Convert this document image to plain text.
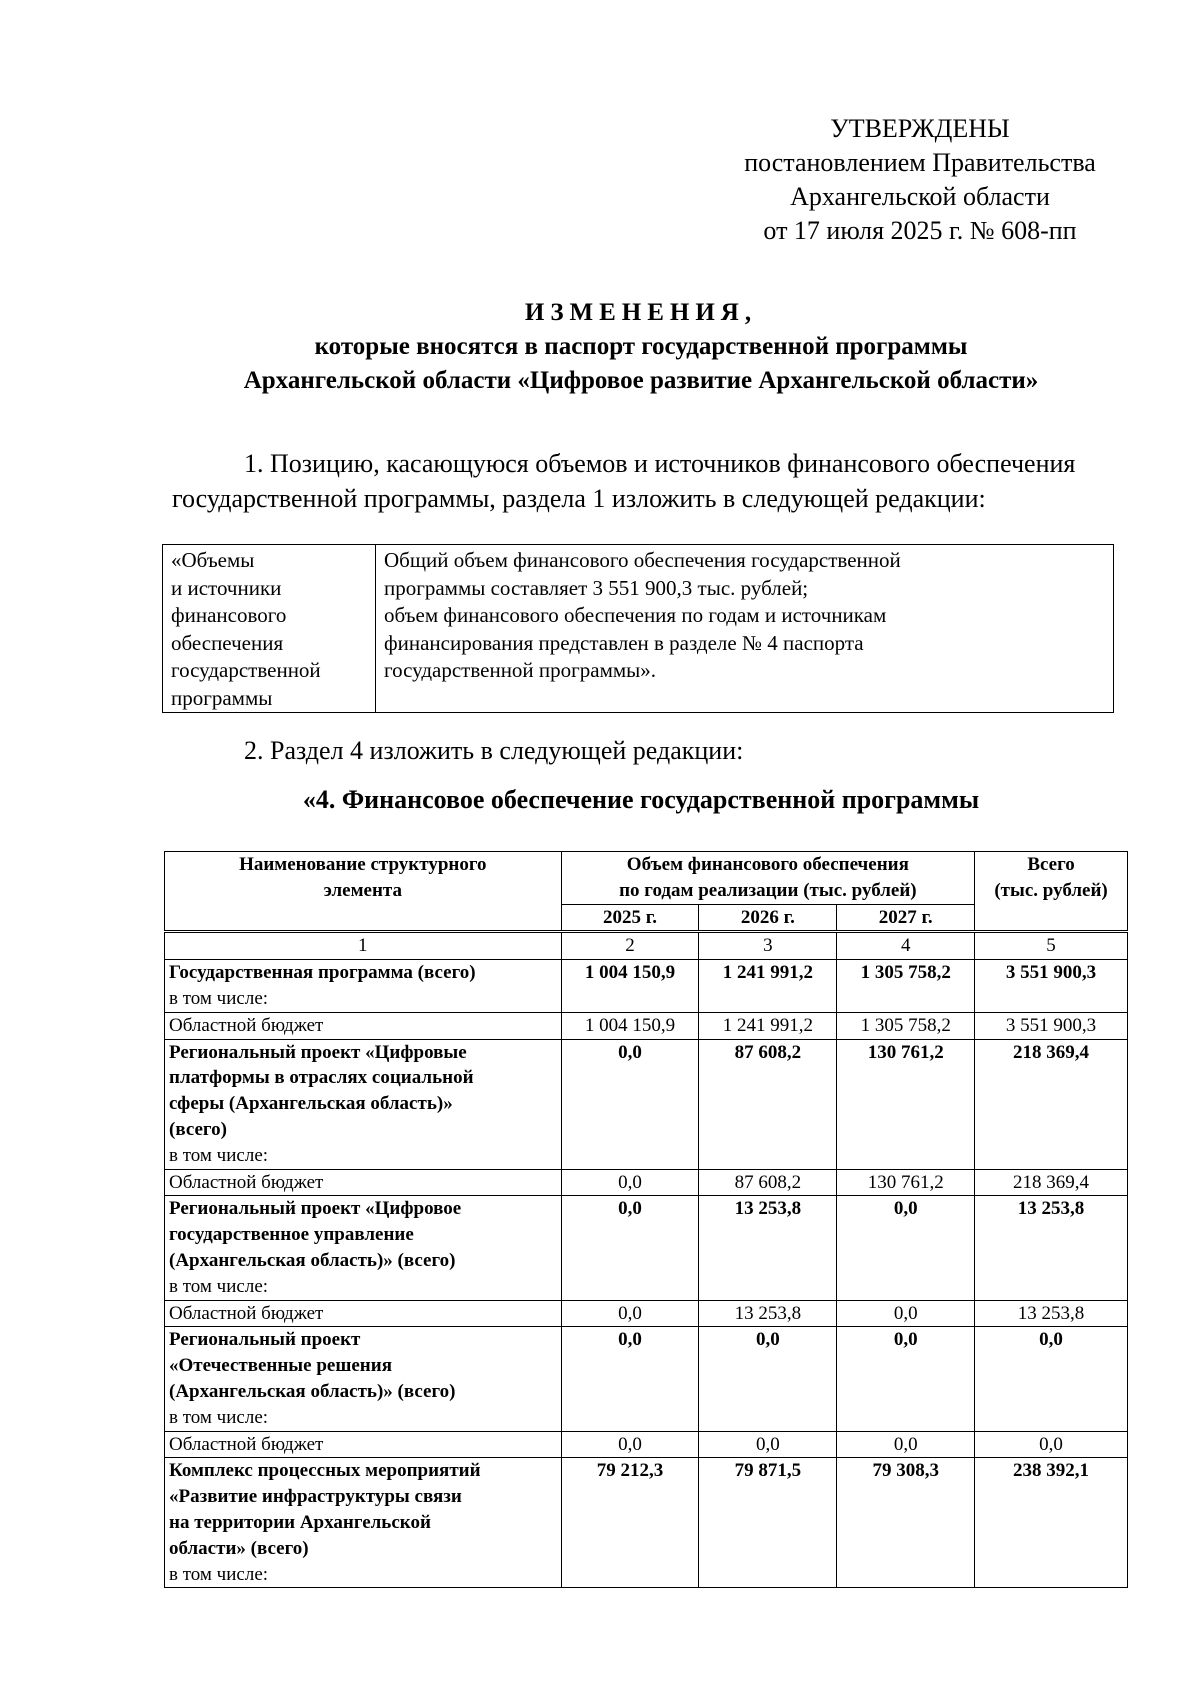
УТВЕРЖДЕНЫ
постановлением Правительства
Архангельской области
от 17 июля 2025 г. № 608-пп
ИЗМЕНЕНИЯ,
которые вносятся в паспорт государственной программы
Архангельской области «Цифровое развитие Архангельской области»
1. Позицию, касающуюся объемов и источников финансового обеспечения государственной программы, раздела 1 изложить в следующей редакции:
«Объемы
и источники
финансового
обеспечения
государственной
программы

Общий объем финансового обеспечения государственной
программы составляет 3 551 900,3 тыс. рублей;
объем финансового обеспечения по годам и источникам
финансирования представлен в разделе № 4 паспорта
государственной программы».
2. Раздел 4 изложить в следующей редакции:
«4. Финансовое обеспечение государственной программы
Наименование структурного
элемента	Объем финансового обеспечения
по годам реализации (тыс. рублей)			Всего
(тыс. рублей)

	2025 г.	2026 г.	2027 г.	
1	2	3	4	5

Государственная программа (всего)
в том числе:	1 004 150,9	1 241 991,2	1 305 758,2	3 551 900,3

Областной бюджет	1 004 150,9	1 241 991,2	1 305 758,2	3 551 900,3

Региональный проект «Цифровые
платформы в отраслях социальной
сферы (Архангельская область)»
(всего)
в том числе:	0,0	87 608,2	130 761,2	218 369,4

Областной бюджет	0,0	87 608,2	130 761,2	218 369,4

Региональный проект «Цифровое
государственное управление
(Архангельская область)» (всего)
в том числе:	0,0	13 253,8	0,0	13 253,8

Областной бюджет	0,0	13 253,8	0,0	13 253,8

Региональный проект
«Отечественные решения
(Архангельская область)» (всего)
в том числе:	0,0	0,0	0,0	0,0

Областной бюджет	0,0	0,0	0,0	0,0

Комплекс процессных мероприятий
«Развитие инфраструктуры связи
на территории Архангельской
области» (всего)
в том числе:	79 212,3	79 871,5	79 308,3	238 392,1
